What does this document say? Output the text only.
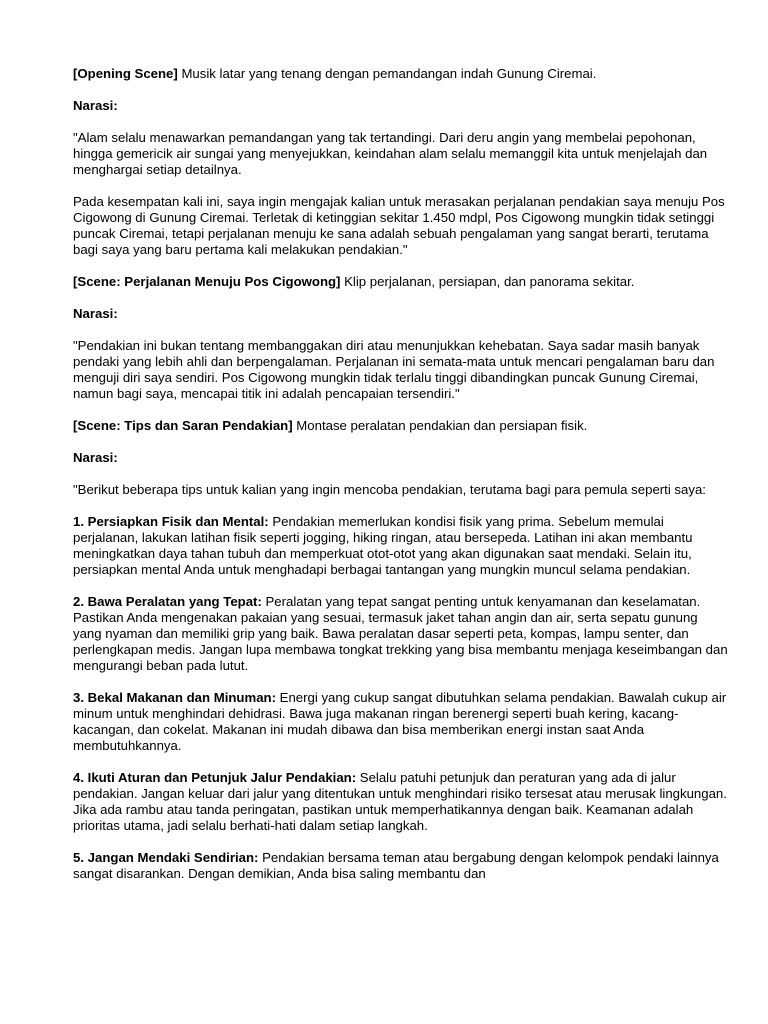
[Opening Scene] Musik latar yang tenang dengan pemandangan indah Gunung Ciremai.

Narasi:

"Alam selalu menawarkan pemandangan yang tak tertandingi. Dari deru angin yang membelai pepohonan, hingga gemericik air sungai yang menyejukkan, keindahan alam selalu memanggil kita untuk menjelajah dan menghargai setiap detailnya.

Pada kesempatan kali ini, saya ingin mengajak kalian untuk merasakan perjalanan pendakian saya menuju Pos Cigowong di Gunung Ciremai. Terletak di ketinggian sekitar 1.450 mdpl, Pos Cigowong mungkin tidak setinggi puncak Ciremai, tetapi perjalanan menuju ke sana adalah sebuah pengalaman yang sangat berarti, terutama bagi saya yang baru pertama kali melakukan pendakian."

[Scene: Perjalanan Menuju Pos Cigowong] Klip perjalanan, persiapan, dan panorama sekitar.

Narasi:

"Pendakian ini bukan tentang membanggakan diri atau menunjukkan kehebatan. Saya sadar masih banyak pendaki yang lebih ahli dan berpengalaman. Perjalanan ini semata-mata untuk mencari pengalaman baru dan menguji diri saya sendiri. Pos Cigowong mungkin tidak terlalu tinggi dibandingkan puncak Gunung Ciremai, namun bagi saya, mencapai titik ini adalah pencapaian tersendiri."

[Scene: Tips dan Saran Pendakian] Montase peralatan pendakian dan persiapan fisik.

Narasi:

"Berikut beberapa tips untuk kalian yang ingin mencoba pendakian, terutama bagi para pemula seperti saya:

1. Persiapkan Fisik dan Mental: Pendakian memerlukan kondisi fisik yang prima. Sebelum memulai perjalanan, lakukan latihan fisik seperti jogging, hiking ringan, atau bersepeda. Latihan ini akan membantu meningkatkan daya tahan tubuh dan memperkuat otot-otot yang akan digunakan saat mendaki. Selain itu, persiapkan mental Anda untuk menghadapi berbagai tantangan yang mungkin muncul selama pendakian.

2. Bawa Peralatan yang Tepat: Peralatan yang tepat sangat penting untuk kenyamanan dan keselamatan. Pastikan Anda mengenakan pakaian yang sesuai, termasuk jaket tahan angin dan air, serta sepatu gunung yang nyaman dan memiliki grip yang baik. Bawa peralatan dasar seperti peta, kompas, lampu senter, dan perlengkapan medis. Jangan lupa membawa tongkat trekking yang bisa membantu menjaga keseimbangan dan mengurangi beban pada lutut.

3. Bekal Makanan dan Minuman: Energi yang cukup sangat dibutuhkan selama pendakian. Bawalah cukup air minum untuk menghindari dehidrasi. Bawa juga makanan ringan berenergi seperti buah kering, kacang-kacangan, dan cokelat. Makanan ini mudah dibawa dan bisa memberikan energi instan saat Anda membutuhkannya.

4. Ikuti Aturan dan Petunjuk Jalur Pendakian: Selalu patuhi petunjuk dan peraturan yang ada di jalur pendakian. Jangan keluar dari jalur yang ditentukan untuk menghindari risiko tersesat atau merusak lingkungan. Jika ada rambu atau tanda peringatan, pastikan untuk memperhatikannya dengan baik. Keamanan adalah prioritas utama, jadi selalu berhati-hati dalam setiap langkah.

5. Jangan Mendaki Sendirian: Pendakian bersama teman atau bergabung dengan kelompok pendaki lainnya sangat disarankan. Dengan demikian, Anda bisa saling membantu dan
